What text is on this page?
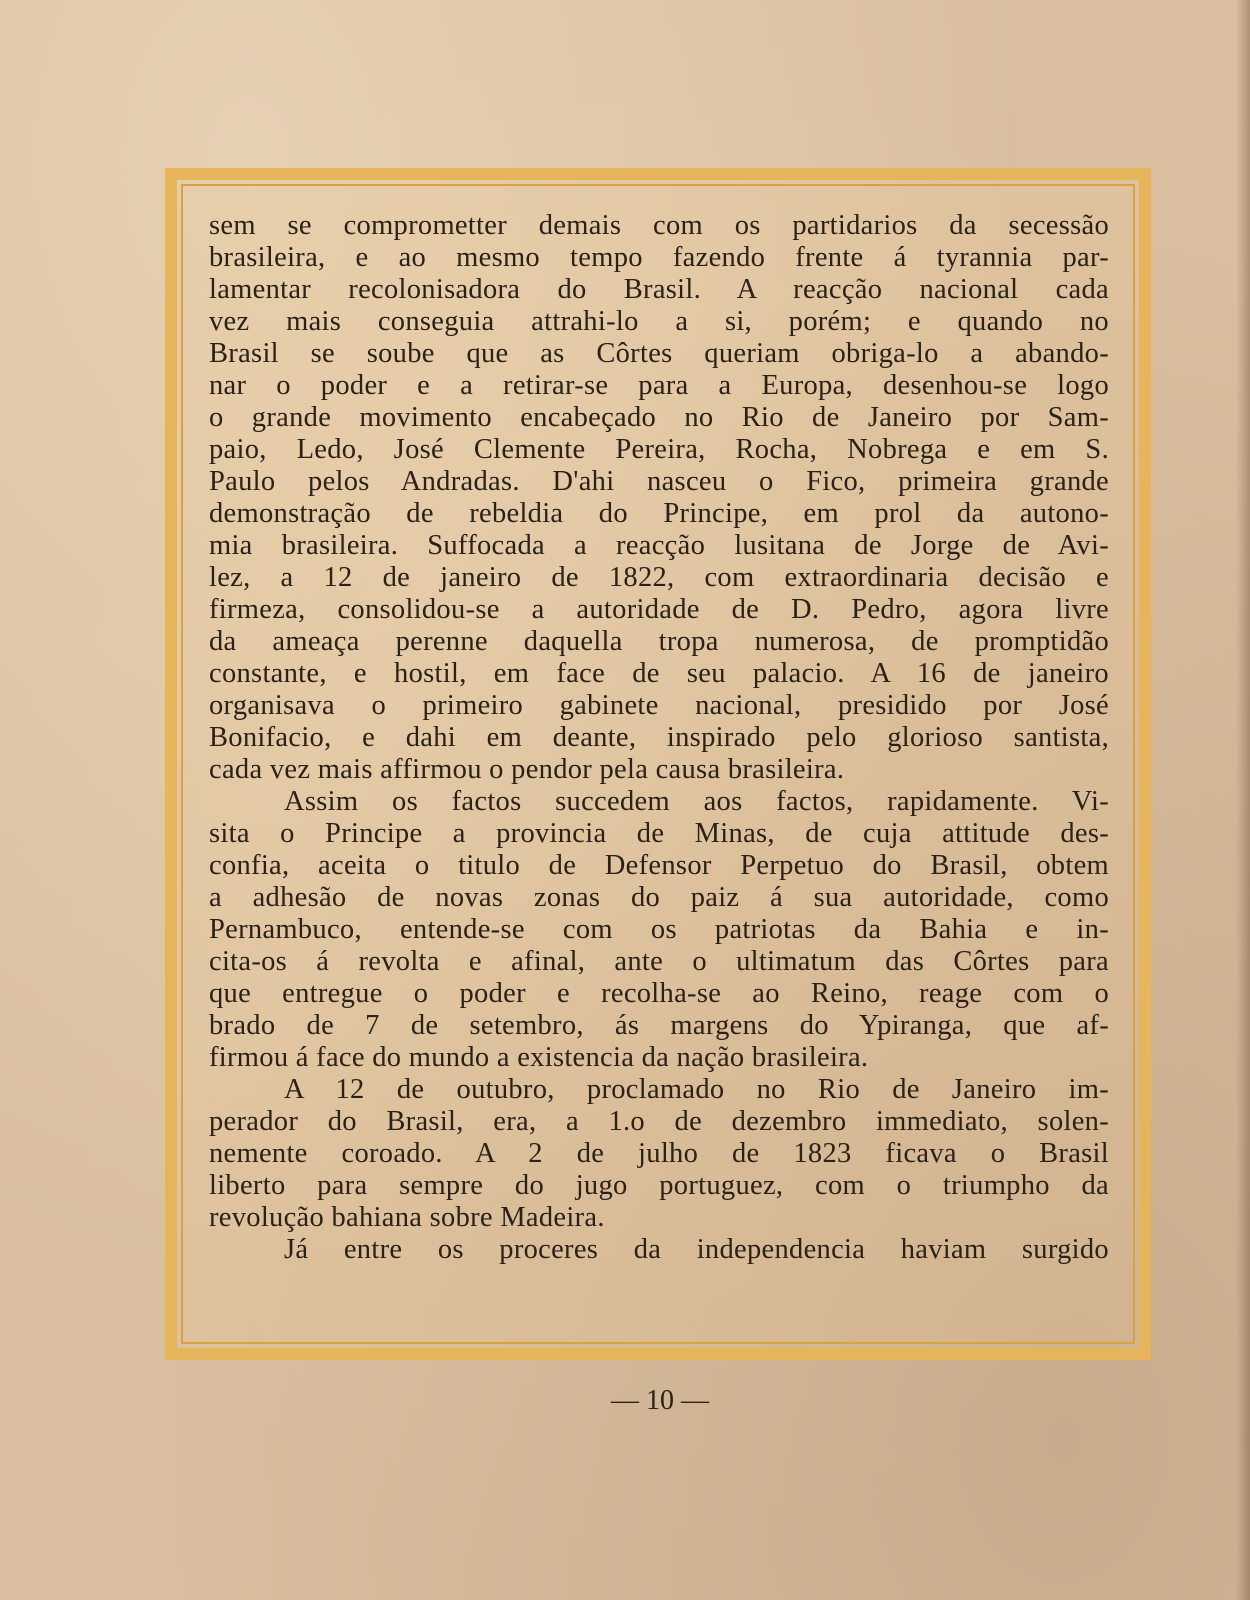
sem se comprometter demais com os partidarios da secessão
brasileira, e ao mesmo tempo fazendo frente á tyrannia par-
lamentar recolonisadora do Brasil. A reacção nacional cada
vez mais conseguia attrahi-lo a si, porém; e quando no
Brasil se soube que as Côrtes queriam obriga-lo a abando-
nar o poder e a retirar-se para a Europa, desenhou-se logo
o grande movimento encabeçado no Rio de Janeiro por Sam-
paio, Ledo, José Clemente Pereira, Rocha, Nobrega e em S.
Paulo pelos Andradas. D'ahi nasceu o Fico, primeira grande
demonstração de rebeldia do Principe, em prol da autono-
mia brasileira. Suffocada a reacção lusitana de Jorge de Avi-
lez, a 12 de janeiro de 1822, com extraordinaria decisão e
firmeza, consolidou-se a autoridade de D. Pedro, agora livre
da ameaça perenne daquella tropa numerosa, de promptidão
constante, e hostil, em face de seu palacio. A 16 de janeiro
organisava o primeiro gabinete nacional, presidido por José
Bonifacio, e dahi em deante, inspirado pelo glorioso santista,
cada vez mais affirmou o pendor pela causa brasileira.
Assim os factos succedem aos factos, rapidamente. Vi-
sita o Principe a provincia de Minas, de cuja attitude des-
confia, aceita o titulo de Defensor Perpetuo do Brasil, obtem
a adhesão de novas zonas do paiz á sua autoridade, como
Pernambuco, entende-se com os patriotas da Bahia e in-
cita-os á revolta e afinal, ante o ultimatum das Côrtes para
que entregue o poder e recolha-se ao Reino, reage com o
brado de 7 de setembro, ás margens do Ypiranga, que af-
firmou á face do mundo a existencia da nação brasileira.
A 12 de outubro, proclamado no Rio de Janeiro im-
perador do Brasil, era, a 1.o de dezembro immediato, solen-
nemente coroado. A 2 de julho de 1823 ficava o Brasil
liberto para sempre do jugo portuguez, com o triumpho da
revolução bahiana sobre Madeira.
Já entre os proceres da independencia haviam surgido
— 10 —
